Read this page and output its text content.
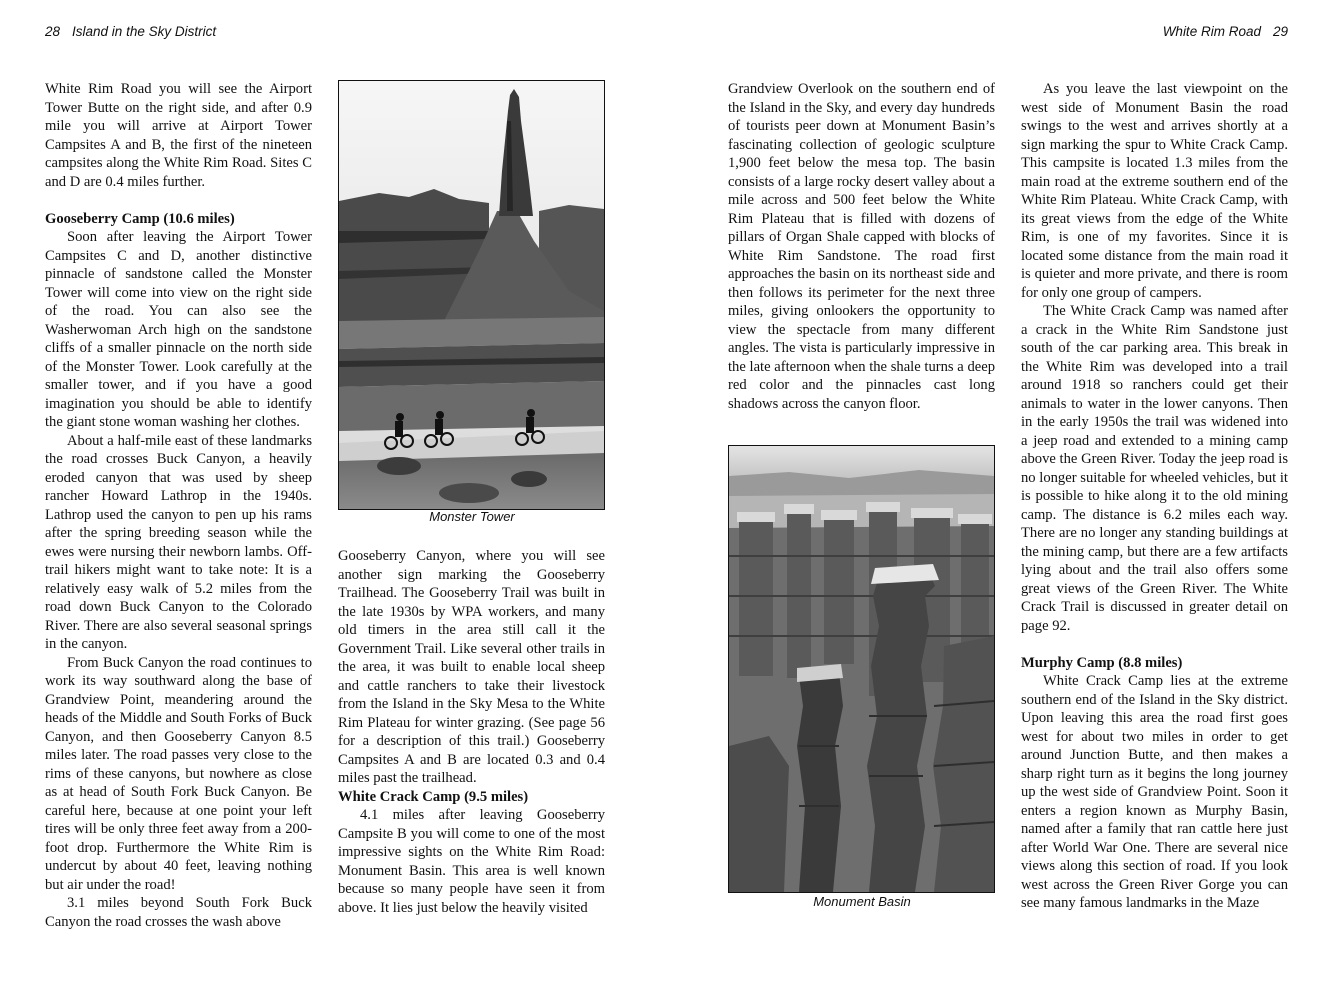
28 Island in the Sky District	White Rim Road 29

White Rim Road you will see the Airport Tower Butte on the right side, and after 0.9 mile you will arrive at Airport Tower Campsites A and B, the first of the nineteen campsites along the White Rim Road. Sites C and D are 0.4 miles further.

Gooseberry Camp (10.6 miles)

Soon after leaving the Airport Tower Campsites C and D, another distinctive pinnacle of sandstone called the Monster Tower will come into view on the right side of the road. You can also see the Washerwoman Arch high on the sandstone cliffs of a smaller pinnacle on the north side of the Monster Tower. Look carefully at the smaller tower, and if you have a good imagination you should be able to identify the giant stone woman washing her clothes.

About a half-mile east of these landmarks the road crosses Buck Canyon, a heavily eroded canyon that was used by sheep rancher Howard Lathrop in the 1940s. Lathrop used the canyon to pen up his rams after the spring breeding season while the ewes were nursing their newborn lambs. Off-trail hikers might want to take note: It is a relatively easy walk of 5.2 miles from the road down Buck Canyon to the Colorado River. There are also several seasonal springs in the canyon.

From Buck Canyon the road continues to work its way southward along the base of Grandview Point, meandering around the heads of the Middle and South Forks of Buck Canyon, and then Gooseberry Canyon 8.5 miles later. The road passes very close to the rims of these canyons, but nowhere as close as at head of South Fork Buck Canyon. Be careful here, because at one point your left tires will be only three feet away from a 200-foot drop. Furthermore the White Rim is undercut by about 40 feet, leaving nothing but air under the road!

3.1 miles beyond South Fork Buck Canyon the road crosses the wash above

Monster Tower

Gooseberry Canyon, where you will see another sign marking the Gooseberry Trailhead. The Gooseberry Trail was built in the late 1930s by WPA workers, and many old timers in the area still call it the Government Trail. Like several other trails in the area, it was built to enable local sheep and cattle ranchers to take their livestock from the Island in the Sky Mesa to the White Rim Plateau for winter grazing. (See page 56 for a description of this trail.) Gooseberry Campsites A and B are located 0.3 and 0.4 miles past the trailhead.

White Crack Camp (9.5 miles)

4.1 miles after leaving Gooseberry Campsite B you will come to one of the most impressive sights on the White Rim Road: Monument Basin. This area is well known because so many people have seen it from above. It lies just below the heavily visited

Grandview Overlook on the southern end of the Island in the Sky, and every day hundreds of tourists peer down at Monument Basin’s fascinating collection of geologic sculpture 1,900 feet below the mesa top. The basin consists of a large rocky desert valley about a mile across and 500 feet below the White Rim Plateau that is filled with dozens of pillars of Organ Shale capped with blocks of White Rim Sandstone. The road first approaches the basin on its northeast side and then follows its perimeter for the next three miles, giving onlookers the opportunity to view the spectacle from many different angles. The vista is particularly impressive in the late afternoon when the shale turns a deep red color and the pinnacles cast long shadows across the canyon floor.

Monument Basin

As you leave the last viewpoint on the west side of Monument Basin the road swings to the west and arrives shortly at a sign marking the spur to White Crack Camp. This campsite is located 1.3 miles from the main road at the extreme southern end of the White Rim Plateau. White Crack Camp, with its great views from the edge of the White Rim, is one of my favorites. Since it is located some distance from the main road it is quieter and more private, and there is room for only one group of campers.

The White Crack Camp was named after a crack in the White Rim Sandstone just south of the car parking area. This break in the White Rim was developed into a trail around 1918 so ranchers could get their animals to water in the lower canyons. Then in the early 1950s the trail was widened into a jeep road and extended to a mining camp above the Green River. Today the jeep road is no longer suitable for wheeled vehicles, but it is possible to hike along it to the old mining camp. The distance is 6.2 miles each way. There are no longer any standing buildings at the mining camp, but there are a few artifacts lying about and the trail also offers some great views of the Green River. The White Crack Trail is discussed in greater detail on page 92.

Murphy Camp (8.8 miles)

White Crack Camp lies at the extreme southern end of the Island in the Sky district. Upon leaving this area the road first goes west for about two miles in order to get around Junction Butte, and then makes a sharp right turn as it begins the long journey up the west side of Grandview Point. Soon it enters a region known as Murphy Basin, named after a family that ran cattle here just after World War One. There are several nice views along this section of road. If you look west across the Green River Gorge you can see many famous landmarks in the Maze
